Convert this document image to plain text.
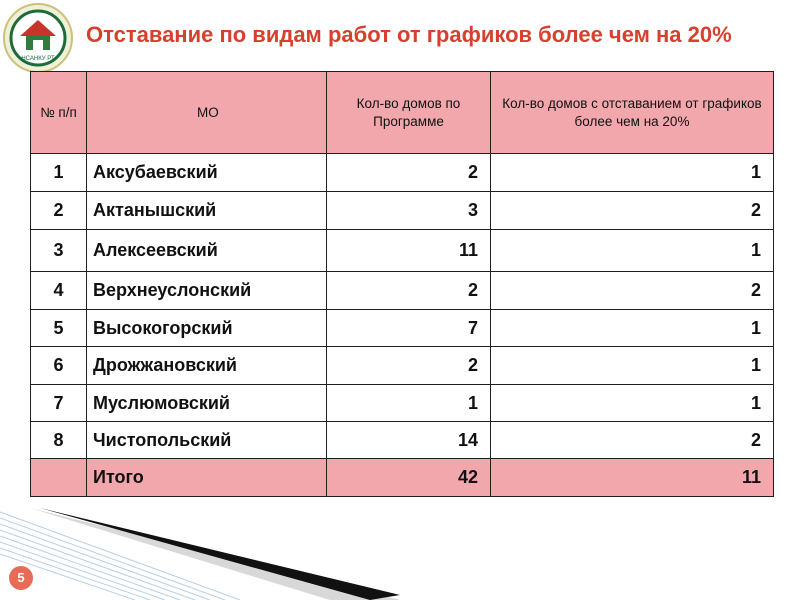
НСАНКУ РТ
Отставание по видам работ от графиков более чем на 20%
№ п/п	МО	Кол-во домов по Программе	Кол-во домов с отставанием от графиков более чем на 20%
1	Аксубаевский	2	1
2	Актанышский	3	2
3	Алексеевский	11	1
4	Верхнеуслонский	2	2
5	Высокогорский	7	1
6	Дрожжановский	2	1
7	Муслюмовский	1	1
8	Чистопольский	14	2
	Итого	42	11
5
